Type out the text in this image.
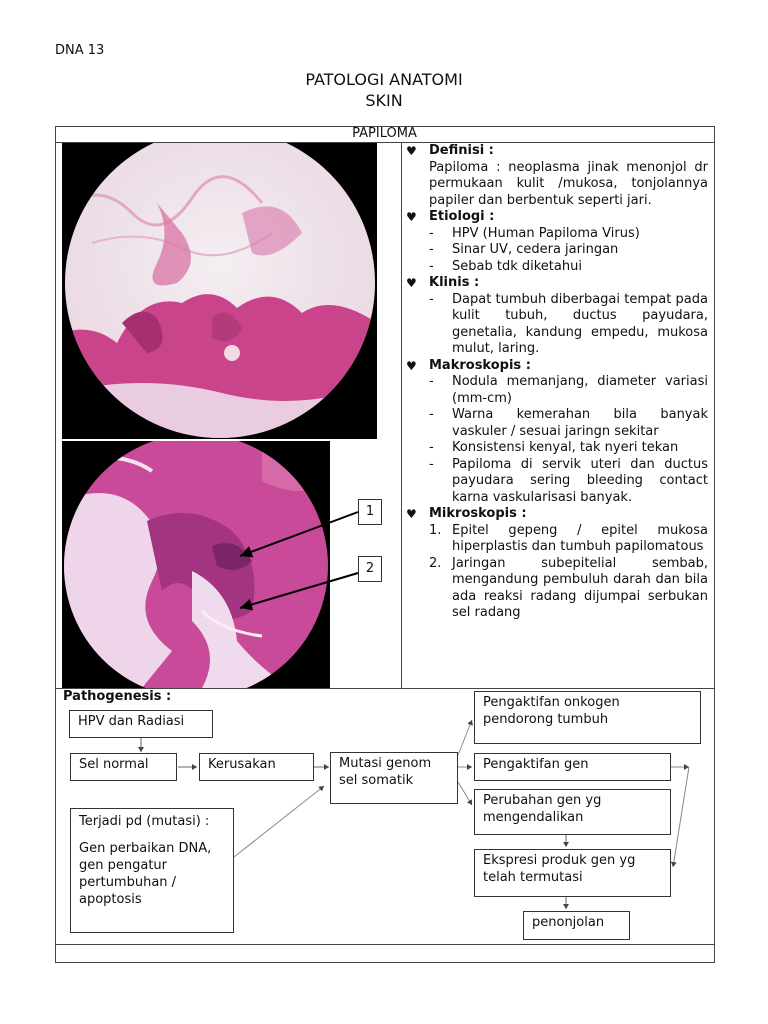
DNA 13
PATOLOGI ANATOMI
SKIN
PAPILOMA
1
2
♥ Definisi :
Papiloma : neoplasma jinak menonjol dr permukaan kulit /mukosa, tonjolannya papiler dan berbentuk seperti jari.
♥ Etiologi :
- HPV (Human Papiloma Virus)
- Sinar UV, cedera jaringan
- Sebab tdk diketahui
♥ Klinis :
- Dapat tumbuh diberbagai tempat pada kulit tubuh, ductus payudara, genetalia, kandung empedu, mukosa mulut, laring.
♥ Makroskopis :
- Nodula memanjang, diameter variasi (mm-cm)
- Warna kemerahan bila banyak vaskuler / sesuai jaringn sekitar
- Konsistensi kenyal, tak nyeri tekan
- Papiloma di servik uteri dan ductus payudara sering bleeding contact karna vaskularisasi banyak.
♥ Mikroskopis :
1. Epitel gepeng / epitel mukosa hiperplastis dan tumbuh papilomatous
2. Jaringan subepitelial sembab, mengandung pembuluh darah dan bila ada reaksi radang dijumpai serbukan sel radang
Pathogenesis :
HPV dan Radiasi
Sel normal	Kerusakan	Mutasi genom sel somatik
Terjadi pd (mutasi) :
Gen perbaikan DNA, gen pengatur pertumbuhan / apoptosis
Pengaktifan onkogen pendorong tumbuh
Pengaktifan gen
Perubahan gen yg mengendalikan
Ekspresi produk gen yg telah termutasi
penonjolan
